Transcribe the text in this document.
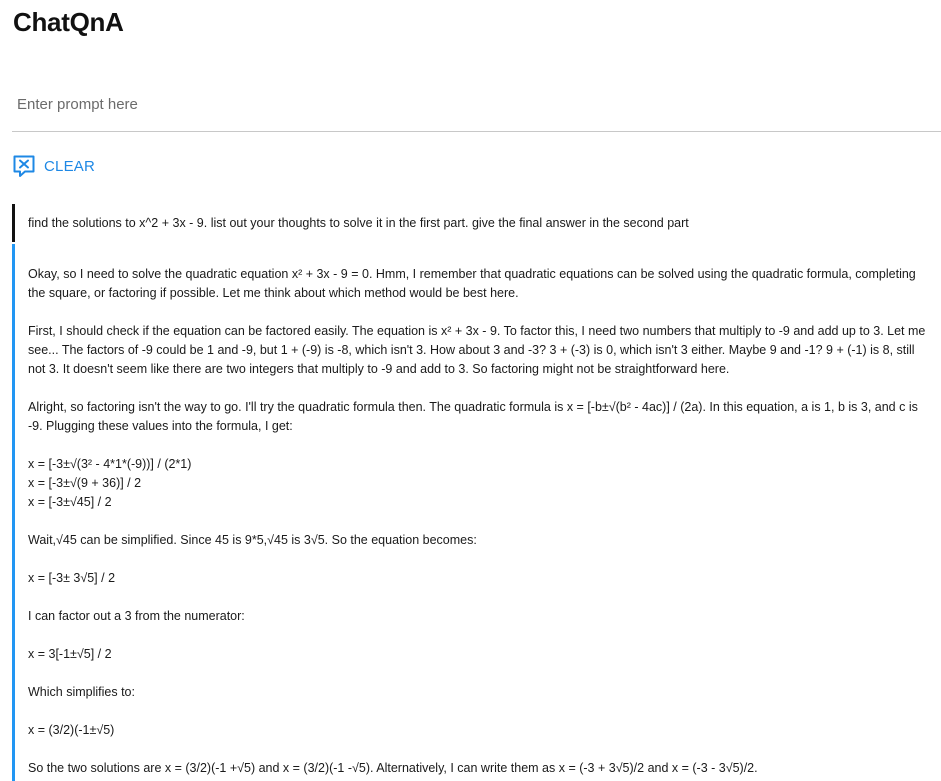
ChatQnA
Enter prompt here
CLEAR
find the solutions to x^2 + 3x - 9. list out your thoughts to solve it in the first part. give the final answer in the second part

Okay, so I need to solve the quadratic equation x² + 3x - 9 = 0. Hmm, I remember that quadratic equations can be solved using the quadratic formula, completing the square, or factoring if possible. Let me think about which method would be best here.

First, I should check if the equation can be factored easily. The equation is x² + 3x - 9. To factor this, I need two numbers that multiply to -9 and add up to 3. Let me see... The factors of -9 could be 1 and -9, but 1 + (-9) is -8, which isn't 3. How about 3 and -3? 3 + (-3) is 0, which isn't 3 either. Maybe 9 and -1? 9 + (-1) is 8, still not 3. It doesn't seem like there are two integers that multiply to -9 and add to 3. So factoring might not be straightforward here.

Alright, so factoring isn't the way to go. I'll try the quadratic formula then. The quadratic formula is x = [-b±√(b² - 4ac)] / (2a). In this equation, a is 1, b is 3, and c is -9. Plugging these values into the formula, I get:

x = [-3±√(3² - 4*1*(-9))] / (2*1)

x = [-3±√(9 + 36)] / 2

x = [-3±√45] / 2

Wait,√45 can be simplified. Since 45 is 9*5,√45 is 3√5. So the equation becomes:

x = [-3± 3√5] / 2

I can factor out a 3 from the numerator:

x = 3[-1±√5] / 2

Which simplifies to:

x = (3/2)(-1±√5)

So the two solutions are x = (3/2)(-1 +√5) and x = (3/2)(-1 -√5). Alternatively, I can write them as x = (-3 + 3√5)/2 and x = (-3 - 3√5)/2.
